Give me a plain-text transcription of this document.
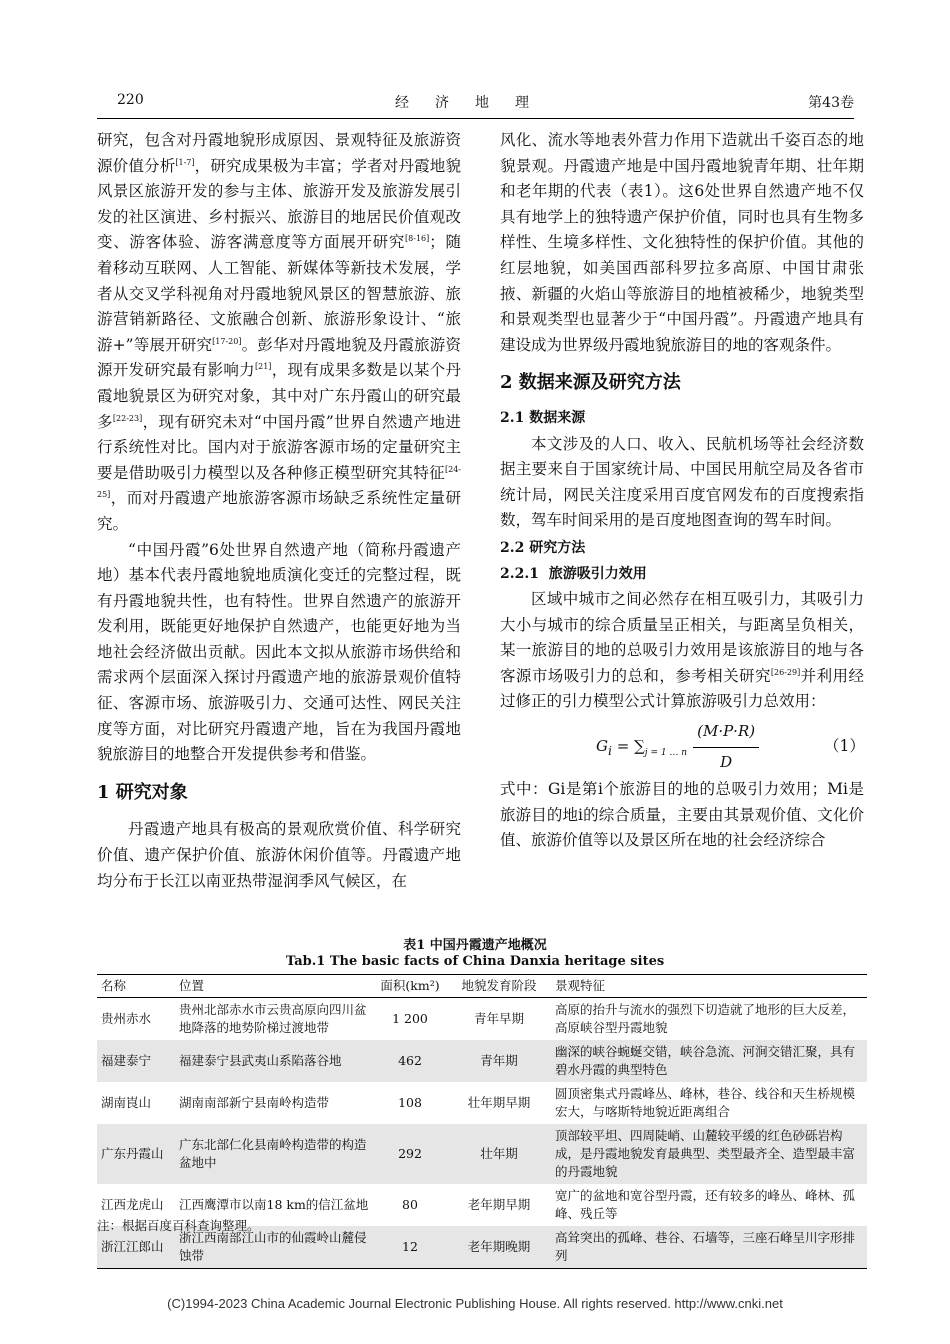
220	经济地理	第43卷

研究，包含对丹霞地貌形成原因、景观特征及旅游资源价值分析[1-7]，研究成果极为丰富；学者对丹霞地貌风景区旅游开发的参与主体、旅游开发及旅游发展引发的社区演进、乡村振兴、旅游目的地居民价值观改变、游客体验、游客满意度等方面展开研究[8-16]；随着移动互联网、人工智能、新媒体等新技术发展，学者从交叉学科视角对丹霞地貌风景区的智慧旅游、旅游营销新路径、文旅融合创新、旅游形象设计、“旅游+”等展开研究[17-20]。彭华对丹霞地貌及丹霞旅游资源开发研究最有影响力[21]，现有成果多数是以某个丹霞地貌景区为研究对象，其中对广东丹霞山的研究最多[22-23]，现有研究未对“中国丹霞”世界自然遗产地进行系统性对比。国内对于旅游客源市场的定量研究主要是借助吸引力模型以及各种修正模型研究其特征[24-25]，而对丹霞遗产地旅游客源市场缺乏系统性定量研究。

“中国丹霞”6处世界自然遗产地（简称丹霞遗产地）基本代表丹霞地貌地质演化变迁的完整过程，既有丹霞地貌共性，也有特性。世界自然遗产的旅游开发利用，既能更好地保护自然遗产，也能更好地为当地社会经济做出贡献。因此本文拟从旅游市场供给和需求两个层面深入探讨丹霞遗产地的旅游景观价值特征、客源市场、旅游吸引力、交通可达性、网民关注度等方面，对比研究丹霞遗产地，旨在为我国丹霞地貌旅游目的地整合开发提供参考和借鉴。

1 研究对象

丹霞遗产地具有极高的景观欣赏价值、科学研究价值、遗产保护价值、旅游休闲价值等。丹霞遗产地均分布于长江以南亚热带湿润季风气候区，在

风化、流水等地表外营力作用下造就出千姿百态的地貌景观。丹霞遗产地是中国丹霞地貌青年期、壮年期和老年期的代表（表1）。这6处世界自然遗产地不仅具有地学上的独特遗产保护价值，同时也具有生物多样性、生境多样性、文化独特性的保护价值。其他的红层地貌，如美国西部科罗拉多高原、中国甘肃张掖、新疆的火焰山等旅游目的地植被稀少，地貌类型和景观类型也显著少于“中国丹霞”。丹霞遗产地具有建设成为世界级丹霞地貌旅游目的地的客观条件。

2 数据来源及研究方法
2.1 数据来源

本文涉及的人口、收入、民航机场等社会经济数据主要来自于国家统计局、中国民用航空局及各省市统计局，网民关注度采用百度官网发布的百度搜索指数，驾车时间采用的是百度地图查询的驾车时间。

2.2 研究方法
2.2.1 旅游吸引力效用

区域中城市之间必然存在相互吸引力，其吸引力大小与城市的综合质量呈正相关，与距离呈负相关，某一旅游目的地的总吸引力效用是该旅游目的地与各客源市场吸引力的总和，参考相关研究[26-29]并利用经过修正的引力模型公式计算旅游吸引力总效用：

$G_i = \sum_{j = 1 \dots n} \frac{(M\cdot P\cdot R)}{D}$	（1）

式中：Gi是第i个旅游目的地的总吸引力效用；Mi是旅游目的地i的综合质量，主要由其景观价值、文化价值、旅游价值等以及景区所在地的社会经济综合

表1 中国丹霞遗产地概况
Tab.1 The basic facts of China Danxia heritage sites
名称	位置	面积(km²)	地貌发育阶段	景观特征
贵州赤水	贵州北部赤水市云贵高原向四川盆地降落的地势阶梯过渡地带	1 200	青年早期	高原的抬升与流水的强烈下切造就了地形的巨大反差，高原峡谷型丹霞地貌
福建泰宁	福建泰宁县武夷山系陷落谷地	462	青年期	幽深的峡谷蜿蜒交错，峡谷急流、河涧交错汇聚，具有碧水丹霞的典型特色
湖南崀山	湖南南部新宁县南岭构造带	108	壮年期早期	圆顶密集式丹霞峰丛、峰林，巷谷、线谷和天生桥规模宏大，与喀斯特地貌近距离组合
广东丹霞山	广东北部仁化县南岭构造带的构造盆地中	292	壮年期	顶部较平坦、四周陡峭、山麓较平缓的红色砂砾岩构成，是丹霞地貌发育最典型、类型最齐全、造型最丰富的丹霞地貌
江西龙虎山	江西鹰潭市以南18 km的信江盆地	80	老年期早期	宽广的盆地和宽谷型丹霞，还有较多的峰丛、峰林、孤峰、残丘等
浙江江郎山	浙江西南部江山市的仙霞岭山麓侵蚀带	12	老年期晚期	高耸突出的孤峰、巷谷、石墙等，三座石峰呈川字形排列
注：根据百度百科查询整理。
(C)1994-2023 China Academic Journal Electronic Publishing House. All rights reserved. http://www.cnki.net
